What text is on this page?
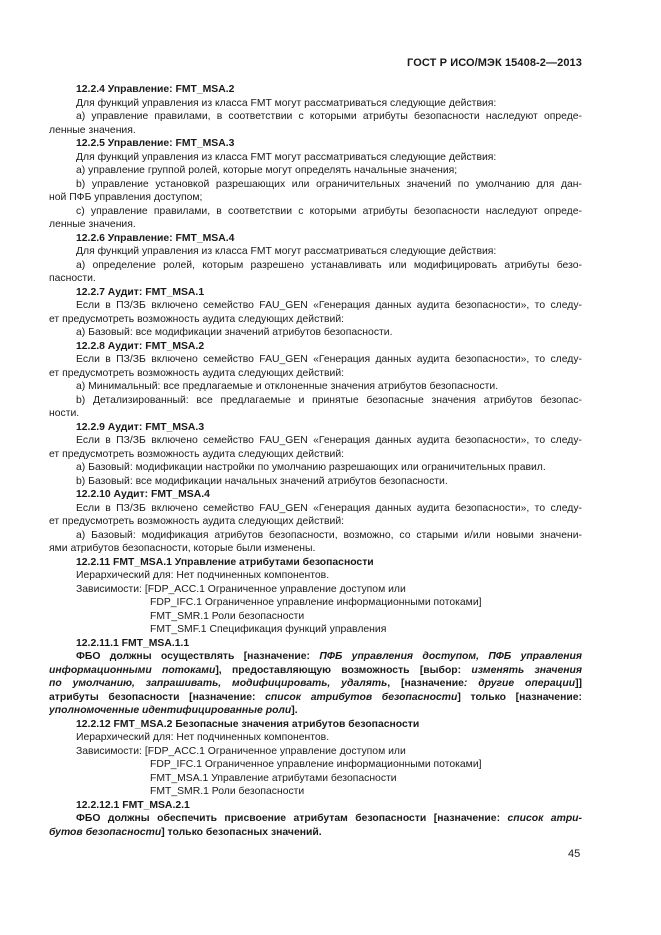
ГОСТ Р ИСО/МЭК 15408-2—2013
12.2.4 Управление: FMT_MSA.2
Для функций управления из класса FMT могут рассматриваться следующие действия:
а) управление правилами, в соответствии с которыми атрибуты безопасности наследуют опреде-
ленные значения.
12.2.5 Управление: FMT_MSA.3
Для функций управления из класса FMT могут рассматриваться следующие действия:
а) управление группой ролей, которые могут определять начальные значения;
b) управление установкой разрешающих или ограничительных значений по умолчанию для дан-
ной ПФБ управления доступом;
с) управление правилами, в соответствии с которыми атрибуты безопасности наследуют опреде-
ленные значения.
12.2.6 Управление: FMT_MSA.4
Для функций управления из класса FMT могут рассматриваться следующие действия:
а) определение ролей, которым разрешено устанавливать или модифицировать атрибуты безо-
пасности.
12.2.7 Аудит: FMT_MSA.1
Если в ПЗ/ЗБ включено семейство FAU_GEN «Генерация данных аудита безопасности», то следу-
ет предусмотреть возможность аудита следующих действий:
а) Базовый: все модификации значений атрибутов безопасности.
12.2.8 Аудит: FMT_MSA.2
Если в ПЗ/ЗБ включено семейство FAU_GEN «Генерация данных аудита безопасности», то следу-
ет предусмотреть возможность аудита следующих действий:
а) Минимальный: все предлагаемые и отклоненные значения атрибутов безопасности.
b) Детализированный: все предлагаемые и принятые безопасные значения атрибутов безопас-
ности.
12.2.9 Аудит: FMT_MSA.3
Если в ПЗ/ЗБ включено семейство FAU_GEN «Генерация данных аудита безопасности», то следу-
ет предусмотреть возможность аудита следующих действий:
а) Базовый: модификации настройки по умолчанию разрешающих или ограничительных правил.
b) Базовый: все модификации начальных значений атрибутов безопасности.
12.2.10 Аудит: FMT_MSA.4
Если в ПЗ/ЗБ включено семейство FAU_GEN «Генерация данных аудита безопасности», то следу-
ет предусмотреть возможность аудита следующих действий:
а) Базовый: модификация атрибутов безопасности, возможно, со старыми и/или новыми значени-
ями атрибутов безопасности, которые были изменены.
12.2.11 FMT_MSA.1 Управление атрибутами безопасности
Иерархический для: Нет подчиненных компонентов.
Зависимости: [FDP_ACC.1 Ограниченное управление доступом или
FDP_IFC.1 Ограниченное управление информационными потоками]
FMT_SMR.1 Роли безопасности
FMT_SMF.1 Спецификация функций управления
12.2.11.1 FMT_MSA.1.1
ФБО должны осуществлять [назначение: ПФБ управления доступом, ПФБ управления
информационными потоками], предоставляющую возможность [выбор: изменять значения
по умолчанию, запрашивать, модифицировать, удалять, [назначение: другие операции]]
атрибуты безопасности [назначение: список атрибутов безопасности] только [назначение:
уполномоченные идентифицированные роли].
12.2.12 FMT_MSA.2 Безопасные значения атрибутов безопасности
Иерархический для: Нет подчиненных компонентов.
Зависимости: [FDP_ACC.1 Ограниченное управление доступом или
FDP_IFC.1 Ограниченное управление информационными потоками]
FMT_MSA.1 Управление атрибутами безопасности
FMT_SMR.1 Роли безопасности
12.2.12.1 FMT_MSA.2.1
ФБО должны обеспечить присвоение атрибутам безопасности [назначение: список атри-
бутов безопасности] только безопасных значений.
45
